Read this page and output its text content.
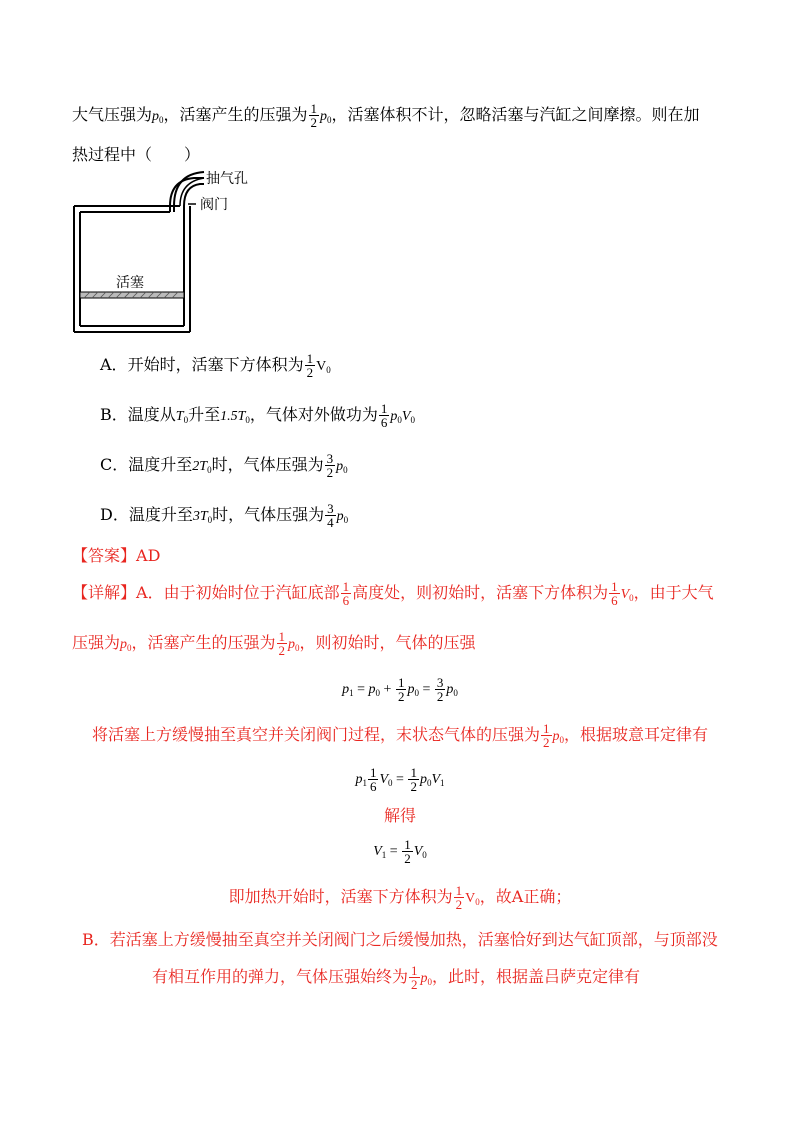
大气压强为$p_0$，活塞产生的压强为 $\frac{1}{2} p_0$，活塞体积不计，忽略活塞与汽缸之间摩擦。则在加
热过程中（　　）
抽气孔
阀门
活塞
A．开始时，活塞下方体积为 $\frac{1}{2} V_0$
B．温度从$T_0$升至$1.5T_0$，气体对外做功为 $\frac{1}{6} p_0V_0$
C．温度升至$2T_0$时，气体压强为 $\frac{3}{2} p_0$
D．温度升至$3T_0$时，气体压强为 $\frac{3}{4} p_0$
【答案】AD
【详解】A．由于初始时位于汽缸底部 $\frac{1}{6}$ 高度处，则初始时，活塞下方体积为 $\frac{1}{6} V_0$，由于大气
压强为$p_0$，活塞产生的压强为 $\frac{1}{2} p_0$，则初始时，气体的压强
$p_1 = p_0 + \frac{1}{2} p_0 = \frac{3}{2} p_0$
将活塞上方缓慢抽至真空并关闭阀门过程，末状态气体的压强为 $\frac{1}{2} p_0$，根据玻意耳定律有
$p_1 \frac{1}{6} V_0 = \frac{1}{2} p_0V_1$
解得
$V_1 = \frac{1}{2} V_0$
即加热开始时，活塞下方体积为 $\frac{1}{2} V_0$，故A正确；
B．若活塞上方缓慢抽至真空并关闭阀门之后缓慢加热，活塞恰好到达气缸顶部，与顶部没
有相互作用的弹力，气体压强始终为 $\frac{1}{2} p_0$，此时，根据盖吕萨克定律有
